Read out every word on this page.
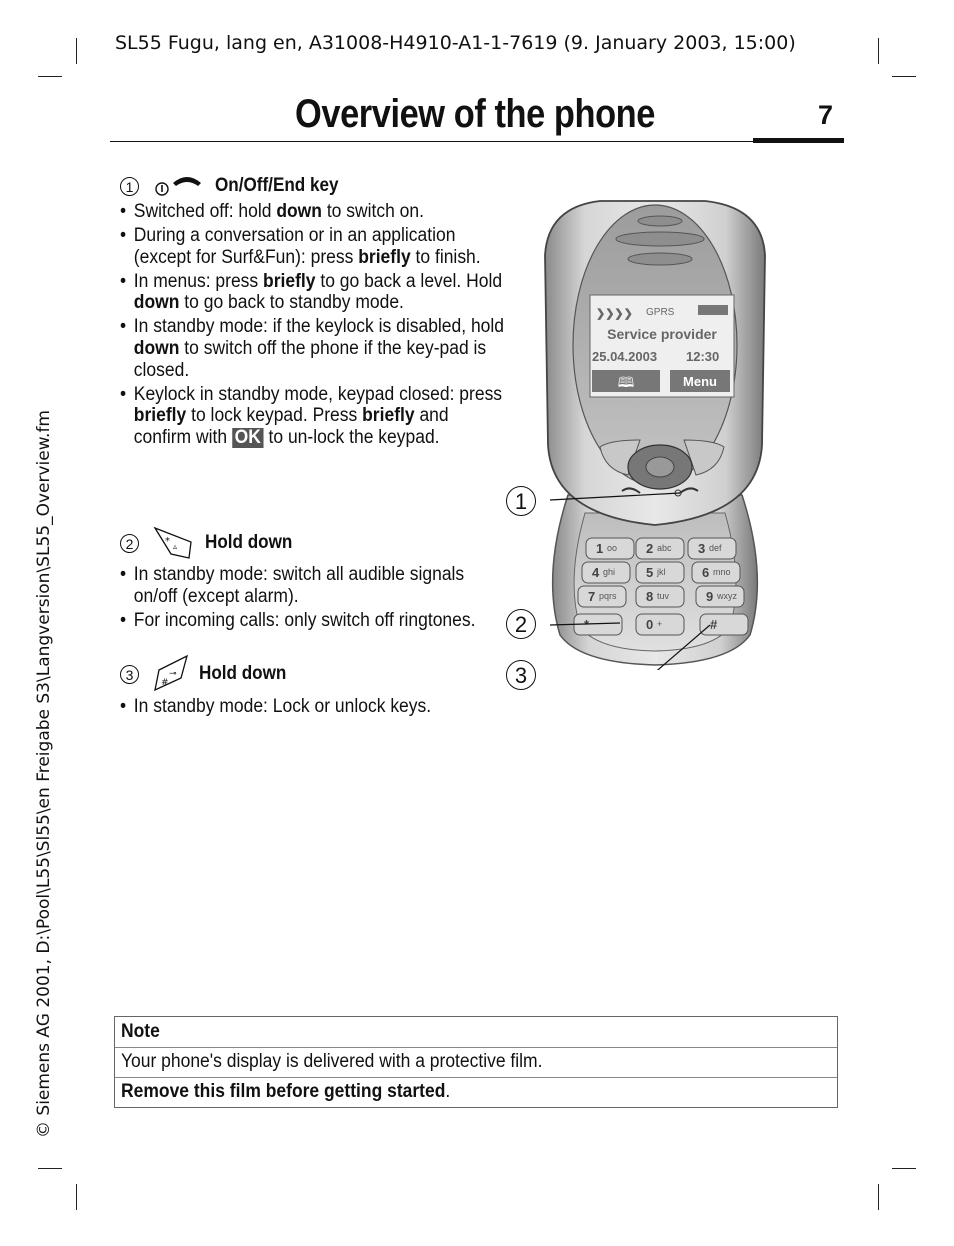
SL55 Fugu, lang en, A31008-H4910-A1-1-7619 (9. January 2003, 15:00)
Overview of the phone	7
© Siemens AG 2001, D:\Pool\L55\Sl55\en Freigabe S3\Langversion\SL55_Overview.fm
1	On/Off/End key
• Switched off: hold down to switch on.
• During a conversation or in an application (except for Surf&Fun): press briefly to finish.
• In menus: press briefly to go back a level. Hold down to go back to standby mode.
• In standby mode: if the keylock is disabled, hold down to switch off the phone if the key-pad is closed.
• Keylock in standby mode, keypad closed: press briefly to lock keypad. Press briefly and confirm with OK to un-lock the keypad.
2	* ▵ Hold down
• In standby mode: switch all audible signals on/off (except alarm).
• For incoming calls: only switch off ringtones.
3
#
⊸ Hold down
• In standby mode: Lock or unlock keys.
❯❯❯❯ GPRS
Service provider
25.04.2003 12:30
🕮	Menu
1 oo 2 abc 3 def
4 ghi 5 jkl	6 mno
7 pqrs 8 tuv	9 wxyz
0 +	#
1
2
3
Note
Your phone's display is delivered with a protective film.
Remove this film before getting started.
